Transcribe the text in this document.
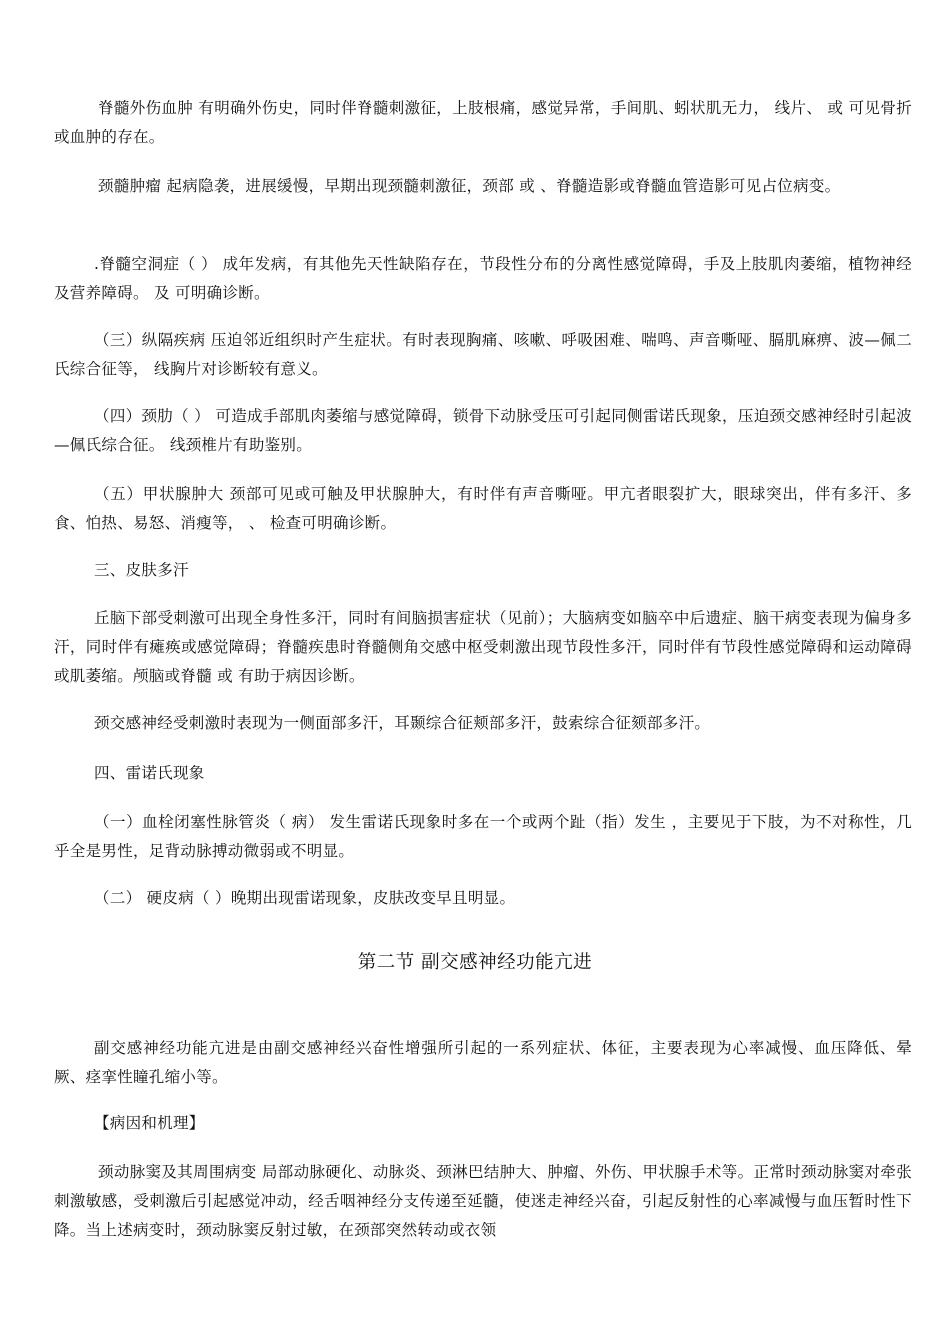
脊髓外伤血肿 有明确外伤史，同时伴脊髓刺激征，上肢根痛，感觉异常，手间肌、蚓状肌无力， 线片、 或 可见骨折或血肿的存在。

颈髓肿瘤 起病隐袭，进展缓慢，早期出现颈髓刺激征，颈部 或 、脊髓造影或脊髓血管造影可见占位病变。

.脊髓空洞症（ ） 成年发病，有其他先天性缺陷存在，节段性分布的分离性感觉障碍，手及上肢肌肉萎缩，植物神经及营养障碍。 及 可明确诊断。

（三）纵隔疾病 压迫邻近组织时产生症状。有时表现胸痛、咳嗽、呼吸困难、喘鸣、声音嘶哑、膈肌麻痹、波—佩二氏综合征等， 线胸片对诊断较有意义。

（四）颈肋（ ） 可造成手部肌肉萎缩与感觉障碍，锁骨下动脉受压可引起同侧雷诺氏现象，压迫颈交感神经时引起波—佩氏综合征。 线颈椎片有助鉴别。

（五）甲状腺肿大 颈部可见或可触及甲状腺肿大，有时伴有声音嘶哑。甲亢者眼裂扩大，眼球突出，伴有多汗、多食、怕热、易怒、消瘦等， 、 检查可明确诊断。

三、皮肤多汗

丘脑下部受刺激可出现全身性多汗，同时有间脑损害症状（见前）；大脑病变如脑卒中后遗症、脑干病变表现为偏身多汗，同时伴有瘫痪或感觉障碍；脊髓疾患时脊髓侧角交感中枢受刺激出现节段性多汗，同时伴有节段性感觉障碍和运动障碍或肌萎缩。颅脑或脊髓 或 有助于病因诊断。

颈交感神经受刺激时表现为一侧面部多汗，耳颞综合征颊部多汗，鼓索综合征颏部多汗。

四、雷诺氏现象

（一）血栓闭塞性脉管炎（ 病） 发生雷诺氏现象时多在一个或两个趾（指）发生 ，主要见于下肢，为不对称性，几乎全是男性，足背动脉搏动微弱或不明显。

（二） 硬皮病（ ）晚期出现雷诺现象，皮肤改变早且明显。

第二节 副交感神经功能亢进

副交感神经功能亢进是由副交感神经兴奋性增强所引起的一系列症状、体征，主要表现为心率减慢、血压降低、晕厥、痉挛性瞳孔缩小等。

【病因和机理】

颈动脉窦及其周围病变 局部动脉硬化、动脉炎、颈淋巴结肿大、肿瘤、外伤、甲状腺手术等。正常时颈动脉窦对牵张刺激敏感，受刺激后引起感觉冲动，经舌咽神经分支传递至延髓，使迷走神经兴奋，引起反射性的心率减慢与血压暂时性下降。当上述病变时，颈动脉窦反射过敏，在颈部突然转动或衣领
